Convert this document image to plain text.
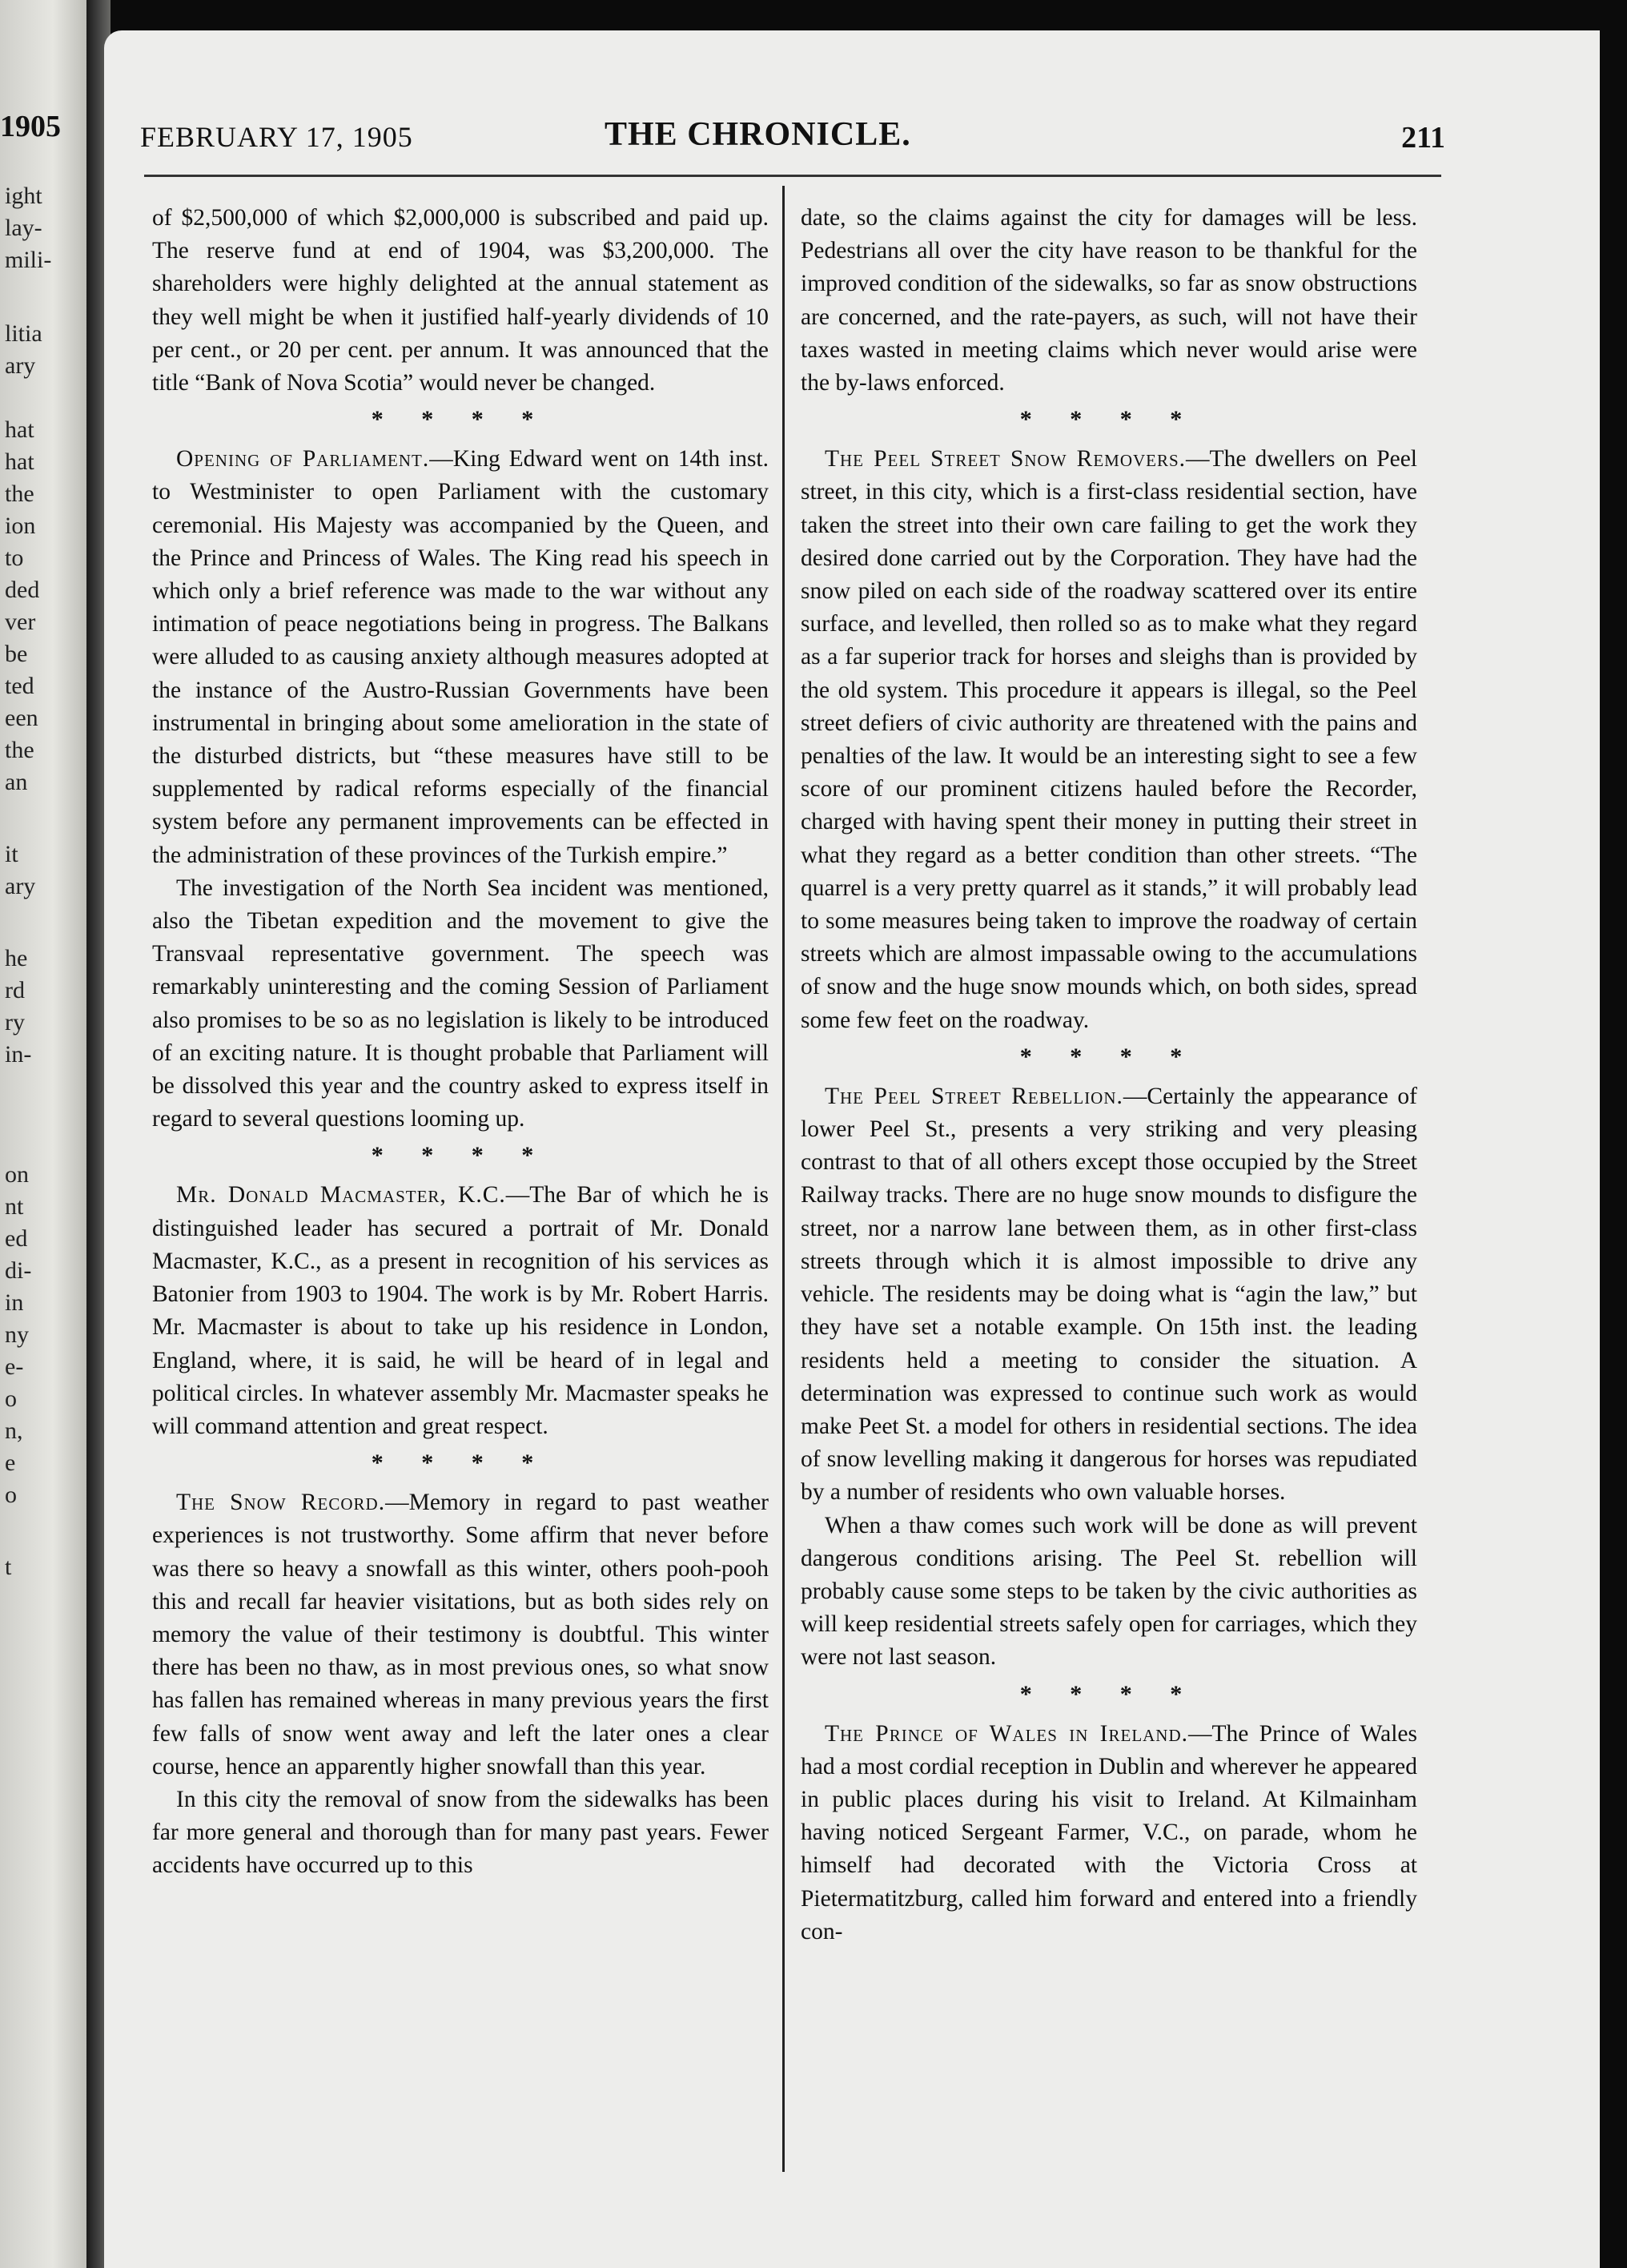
1905
ight
lay-
mili-
litia
ary
hat
hat
the
ion
to
ded
ver
be
ted
een
the
an
it
ary
he
rd
ry
in-
on
nt
ed
di-
in
ny
e-
o
n,
e
o
t
FEBRUARY 17, 1905	THE CHRONICLE.	211

of $2,500,000 of which $2,000,000 is subscribed and paid up. The reserve fund at end of 1904, was $3,200,000. The shareholders were highly delighted at the annual statement as they well might be when it justified half-yearly dividends of 10 per cent., or 20 per cent. per annum. It was announced that the title “Bank of Nova Scotia” would never be changed.

* * * *

Opening of Parliament.—King Edward went on 14th inst. to Westminister to open Parliament with the customary ceremonial. His Majesty was accompanied by the Queen, and the Prince and Princess of Wales. The King read his speech in which only a brief reference was made to the war without any intimation of peace negotiations being in progress. The Balkans were alluded to as causing anxiety although measures adopted at the instance of the Austro-Russian Governments have been instrumental in bringing about some amelioration in the state of the disturbed districts, but “these measures have still to be supplemented by radical reforms especially of the financial system before any permanent improvements can be effected in the administration of these provinces of the Turkish empire.”

The investigation of the North Sea incident was mentioned, also the Tibetan expedition and the movement to give the Transvaal representative government. The speech was remarkably uninteresting and the coming Session of Parliament also promises to be so as no legislation is likely to be introduced of an exciting nature. It is thought probable that Parliament will be dissolved this year and the country asked to express itself in regard to several questions looming up.

* * * *

Mr. Donald Macmaster, K.C.—The Bar of which he is distinguished leader has secured a portrait of Mr. Donald Macmaster, K.C., as a present in recognition of his services as Batonier from 1903 to 1904. The work is by Mr. Robert Harris. Mr. Macmaster is about to take up his residence in London, England, where, it is said, he will be heard of in legal and political circles. In whatever assembly Mr. Macmaster speaks he will command attention and great respect.

* * * *

The Snow Record.—Memory in regard to past weather experiences is not trustworthy. Some affirm that never before was there so heavy a snowfall as this winter, others pooh-pooh this and recall far heavier visitations, but as both sides rely on memory the value of their testimony is doubtful. This winter there has been no thaw, as in most previous ones, so what snow has fallen has remained whereas in many previous years the first few falls of snow went away and left the later ones a clear course, hence an apparently higher snowfall than this year.

In this city the removal of snow from the sidewalks has been far more general and thorough than for many past years. Fewer accidents have occurred up to this

date, so the claims against the city for damages will be less. Pedestrians all over the city have reason to be thankful for the improved condition of the sidewalks, so far as snow obstructions are concerned, and the rate-payers, as such, will not have their taxes wasted in meeting claims which never would arise were the by-laws enforced.

* * * *

The Peel Street Snow Removers.—The dwellers on Peel street, in this city, which is a first-class residential section, have taken the street into their own care failing to get the work they desired done carried out by the Corporation. They have had the snow piled on each side of the roadway scattered over its entire surface, and levelled, then rolled so as to make what they regard as a far superior track for horses and sleighs than is provided by the old system. This procedure it appears is illegal, so the Peel street defiers of civic authority are threatened with the pains and penalties of the law. It would be an interesting sight to see a few score of our prominent citizens hauled before the Recorder, charged with having spent their money in putting their street in what they regard as a better condition than other streets. “The quarrel is a very pretty quarrel as it stands,” it will probably lead to some measures being taken to improve the roadway of certain streets which are almost impassable owing to the accumulations of snow and the huge snow mounds which, on both sides, spread some few feet on the roadway.

* * * *

The Peel Street Rebellion.—Certainly the appearance of lower Peel St., presents a very striking and very pleasing contrast to that of all others except those occupied by the Street Railway tracks. There are no huge snow mounds to disfigure the street, nor a narrow lane between them, as in other first-class streets through which it is almost impossible to drive any vehicle. The residents may be doing what is “agin the law,” but they have set a notable example. On 15th inst. the leading residents held a meeting to consider the situation. A determination was expressed to continue such work as would make Peet St. a model for others in residential sections. The idea of snow levelling making it dangerous for horses was repudiated by a number of residents who own valuable horses.

When a thaw comes such work will be done as will prevent dangerous conditions arising. The Peel St. rebellion will probably cause some steps to be taken by the civic authorities as will keep residential streets safely open for carriages, which they were not last season.

* * * *

The Prince of Wales in Ireland.—The Prince of Wales had a most cordial reception in Dublin and wherever he appeared in public places during his visit to Ireland. At Kilmainham having noticed Sergeant Farmer, V.C., on parade, whom he himself had decorated with the Victoria Cross at Pietermatitzburg, called him forward and entered into a friendly con-
